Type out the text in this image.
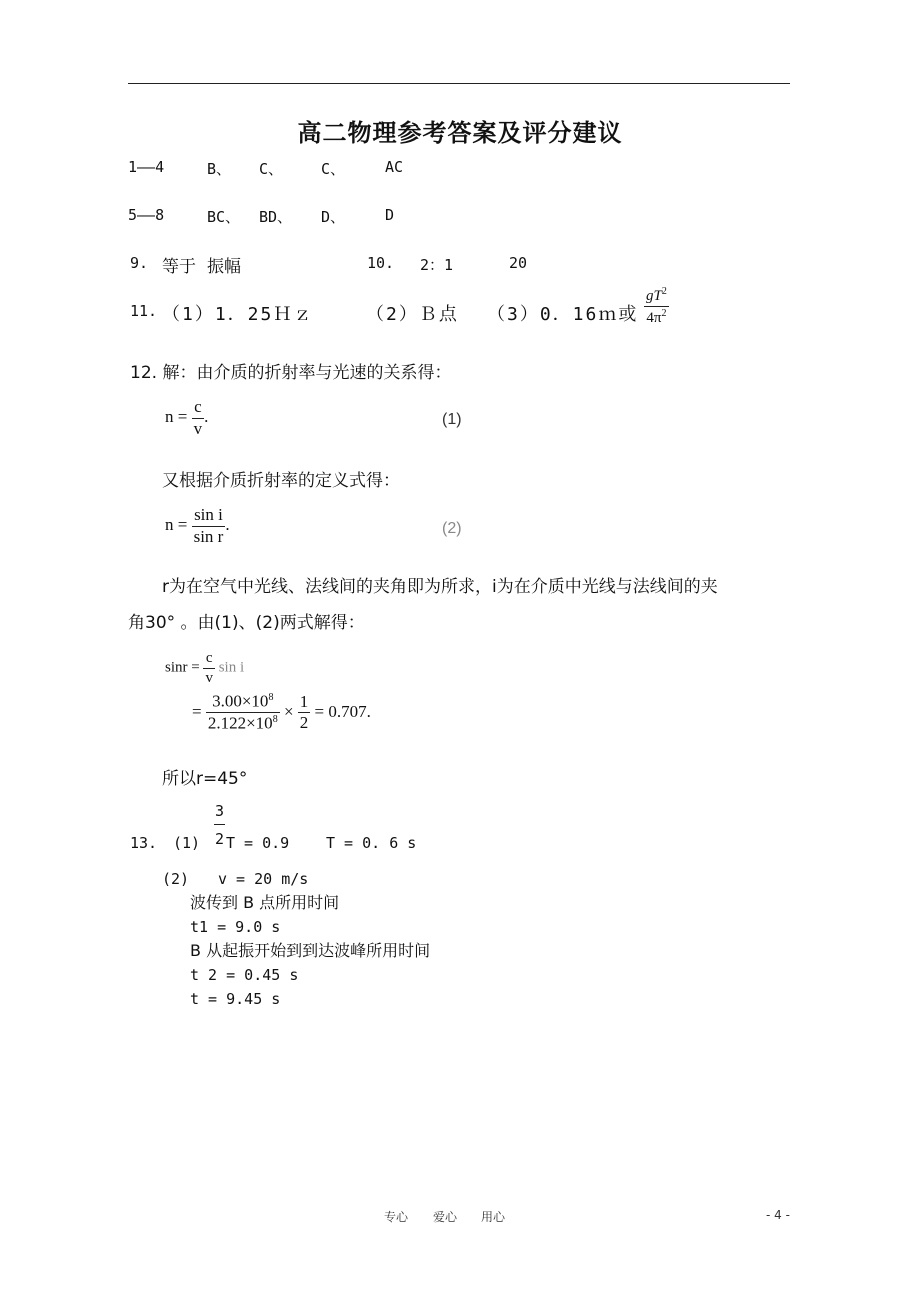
高二物理参考答案及评分建议
1——4	B、 C、	C、	AC
5——8	BC、 BD、 D、	D
9. 等于 振幅	10. 2：1	20
11. （1）1．25Ｈｚ	（2）Ｂ点 （3）0．16ｍ或 $\frac{gT^2}{4\pi^2}$
12. 解：由介质的折射率与光速的关系得：
$n = \frac{c}{v}$ .	(1)
又根据介质折射率的定义式得：
$n = \frac{\text{sin i}}{\text{sin r}}$ .	(2)
r为在空气中光线、法线间的夹角即为所求，i为在介质中光线与法线间的夹
角30° 。由(1)、(2)两式解得：
$\sin r = \frac{c}{v}$ sin i
= $\frac{3.00\times 10^8}{2.122\times 10^8} \times \frac{1}{2} = 0.707$.
所以r=45°
13. (1)
3
2 T = 0.9 T = 0. 6 s
(2) v = 20 m/s
波传到 B 点所用时间
t1 = 9.0 s
B 从起振开始到到达波峰所用时间
t 2 = 0.45 s
t = 9.45 s
专心 爱心 用心	- 4 -
